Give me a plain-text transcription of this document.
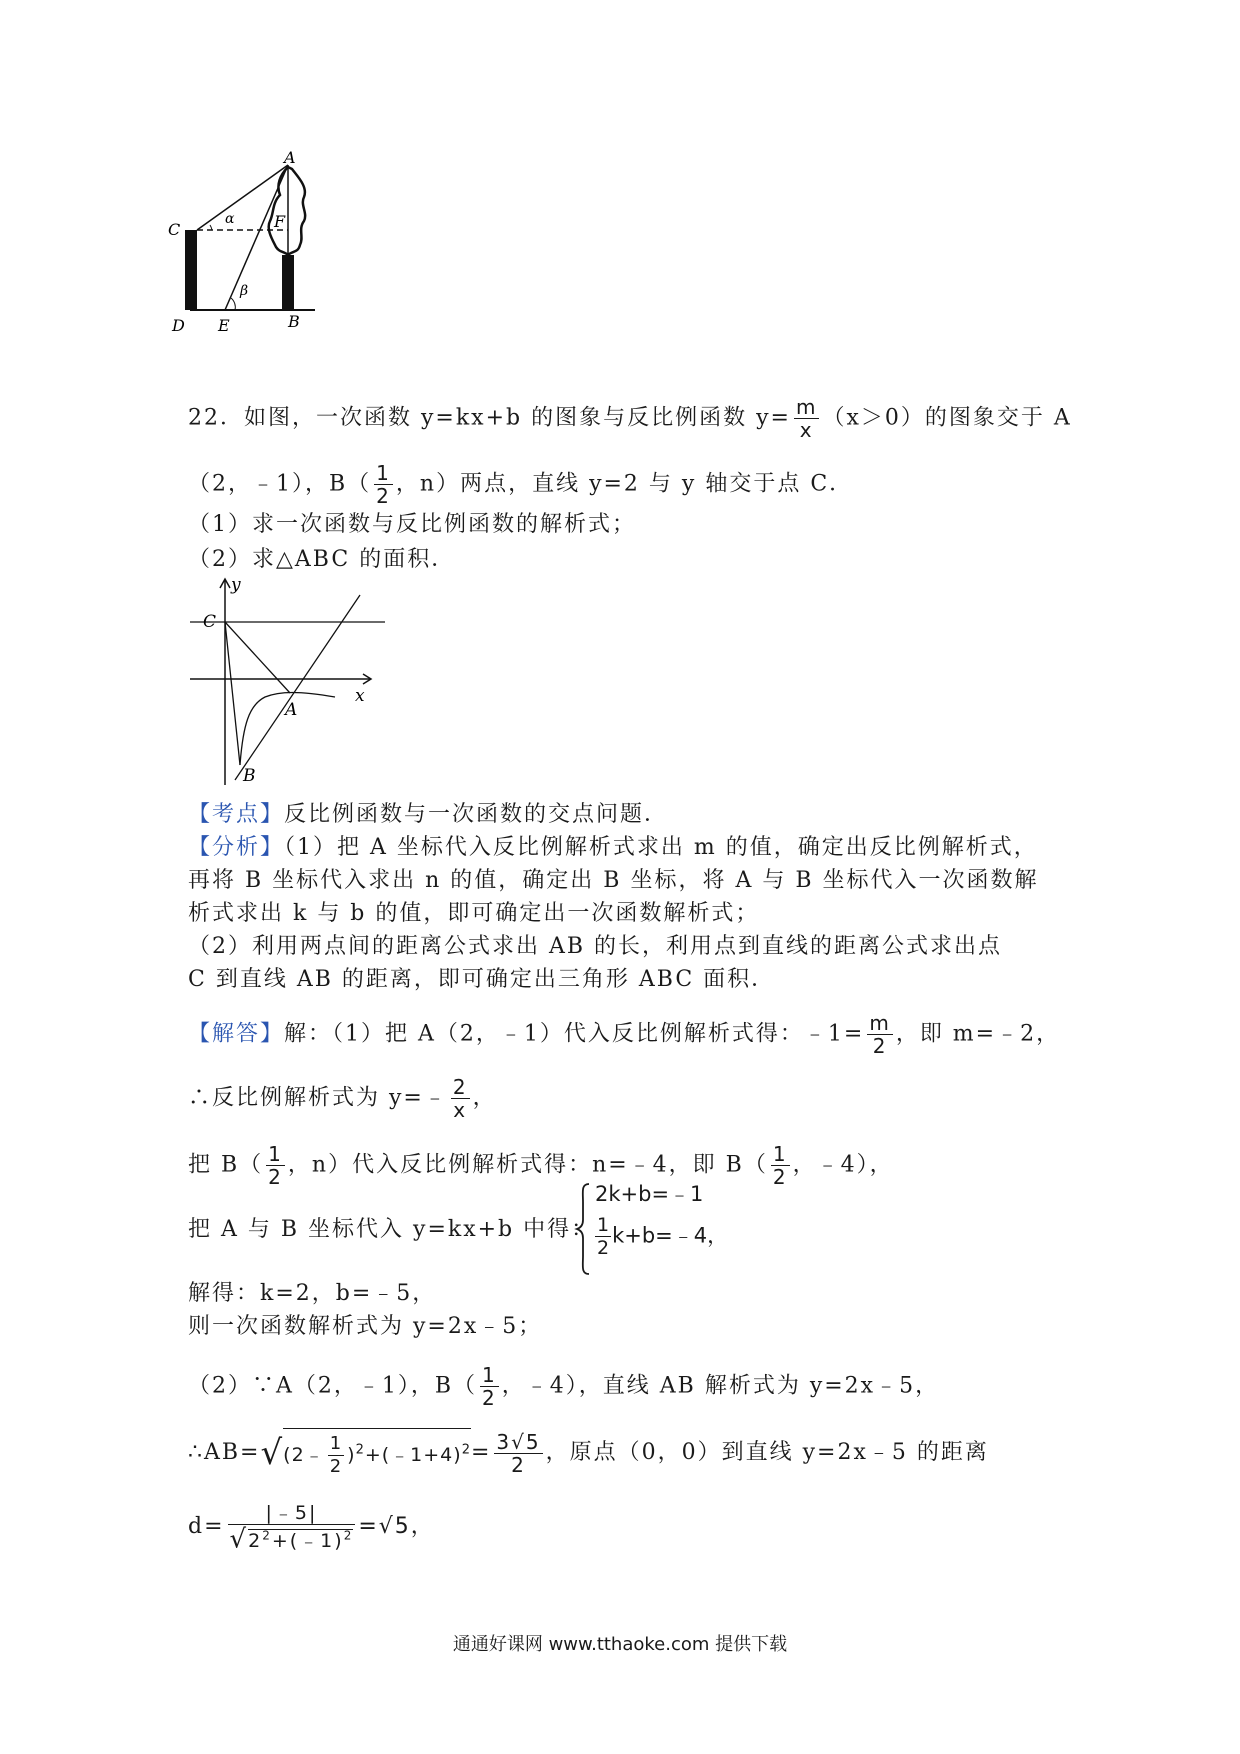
A
C
D E	B
F
α
β
22．如图，一次函数 y=kx+b 的图象与反比例函数 $y= \frac{m}{x} (x>0)$的图象交于 A
（2，﹣1），$B( \frac{1}{2}$ ，n）两点，直线 y=2 与 y 轴交于点 C．
（1）求一次函数与反比例函数的解析式；
（2）求△ABC 的面积．
C
y
x
A
B
【考点】反比例函数与一次函数的交点问题．
【分析】（1）把 A 坐标代入反比例解析式求出 m 的值，确定出反比例解析式，
再将 B 坐标代入求出 n 的值，确定出 B 坐标，将 A 与 B 坐标代入一次函数解
析式求出 k 与 b 的值，即可确定出一次函数解析式；
（2）利用两点间的距离公式求出 AB 的长，利用点到直线的距离公式求出点
C 到直线 AB 的距离，即可确定出三角形 ABC 面积．
【解答】解：（1）把 A（2，﹣1）代入反比例解析式得：﹣1= $\frac{m}{2}$ ，即 m=﹣2，
∴反比例解析式为 y=﹣ $\frac{2}{x}$ ，
把 $B( \frac{1}{2}$ ，n）代入反比例解析式得：n=﹣4，即 $B( \frac{1}{2}$ ，﹣4），
把 A 与 B 坐标代入 y=kx+b 中得：
2k+b=﹣1
$\frac{1}{2}$ k+b=﹣4，
解得：k=2，b=﹣5，
则一次函数解析式为 y=2x﹣5；
（2）∵A（2，﹣1），$B( \frac{1}{2}$ ，﹣4），直线 AB 解析式为 y=2x﹣5，
∴AB=√(2﹣ $\frac{1}{2}$ )$^2$+(﹣1+4)$^2$= $\frac{3√5}{2}$ ，原点（0，0）到直线 y=2x﹣5 的距离
$d= \frac{|﹣5|}{√2^2+(﹣1)^2} =√5$，
通通好课网 www.tthaoke.com 提供下载
